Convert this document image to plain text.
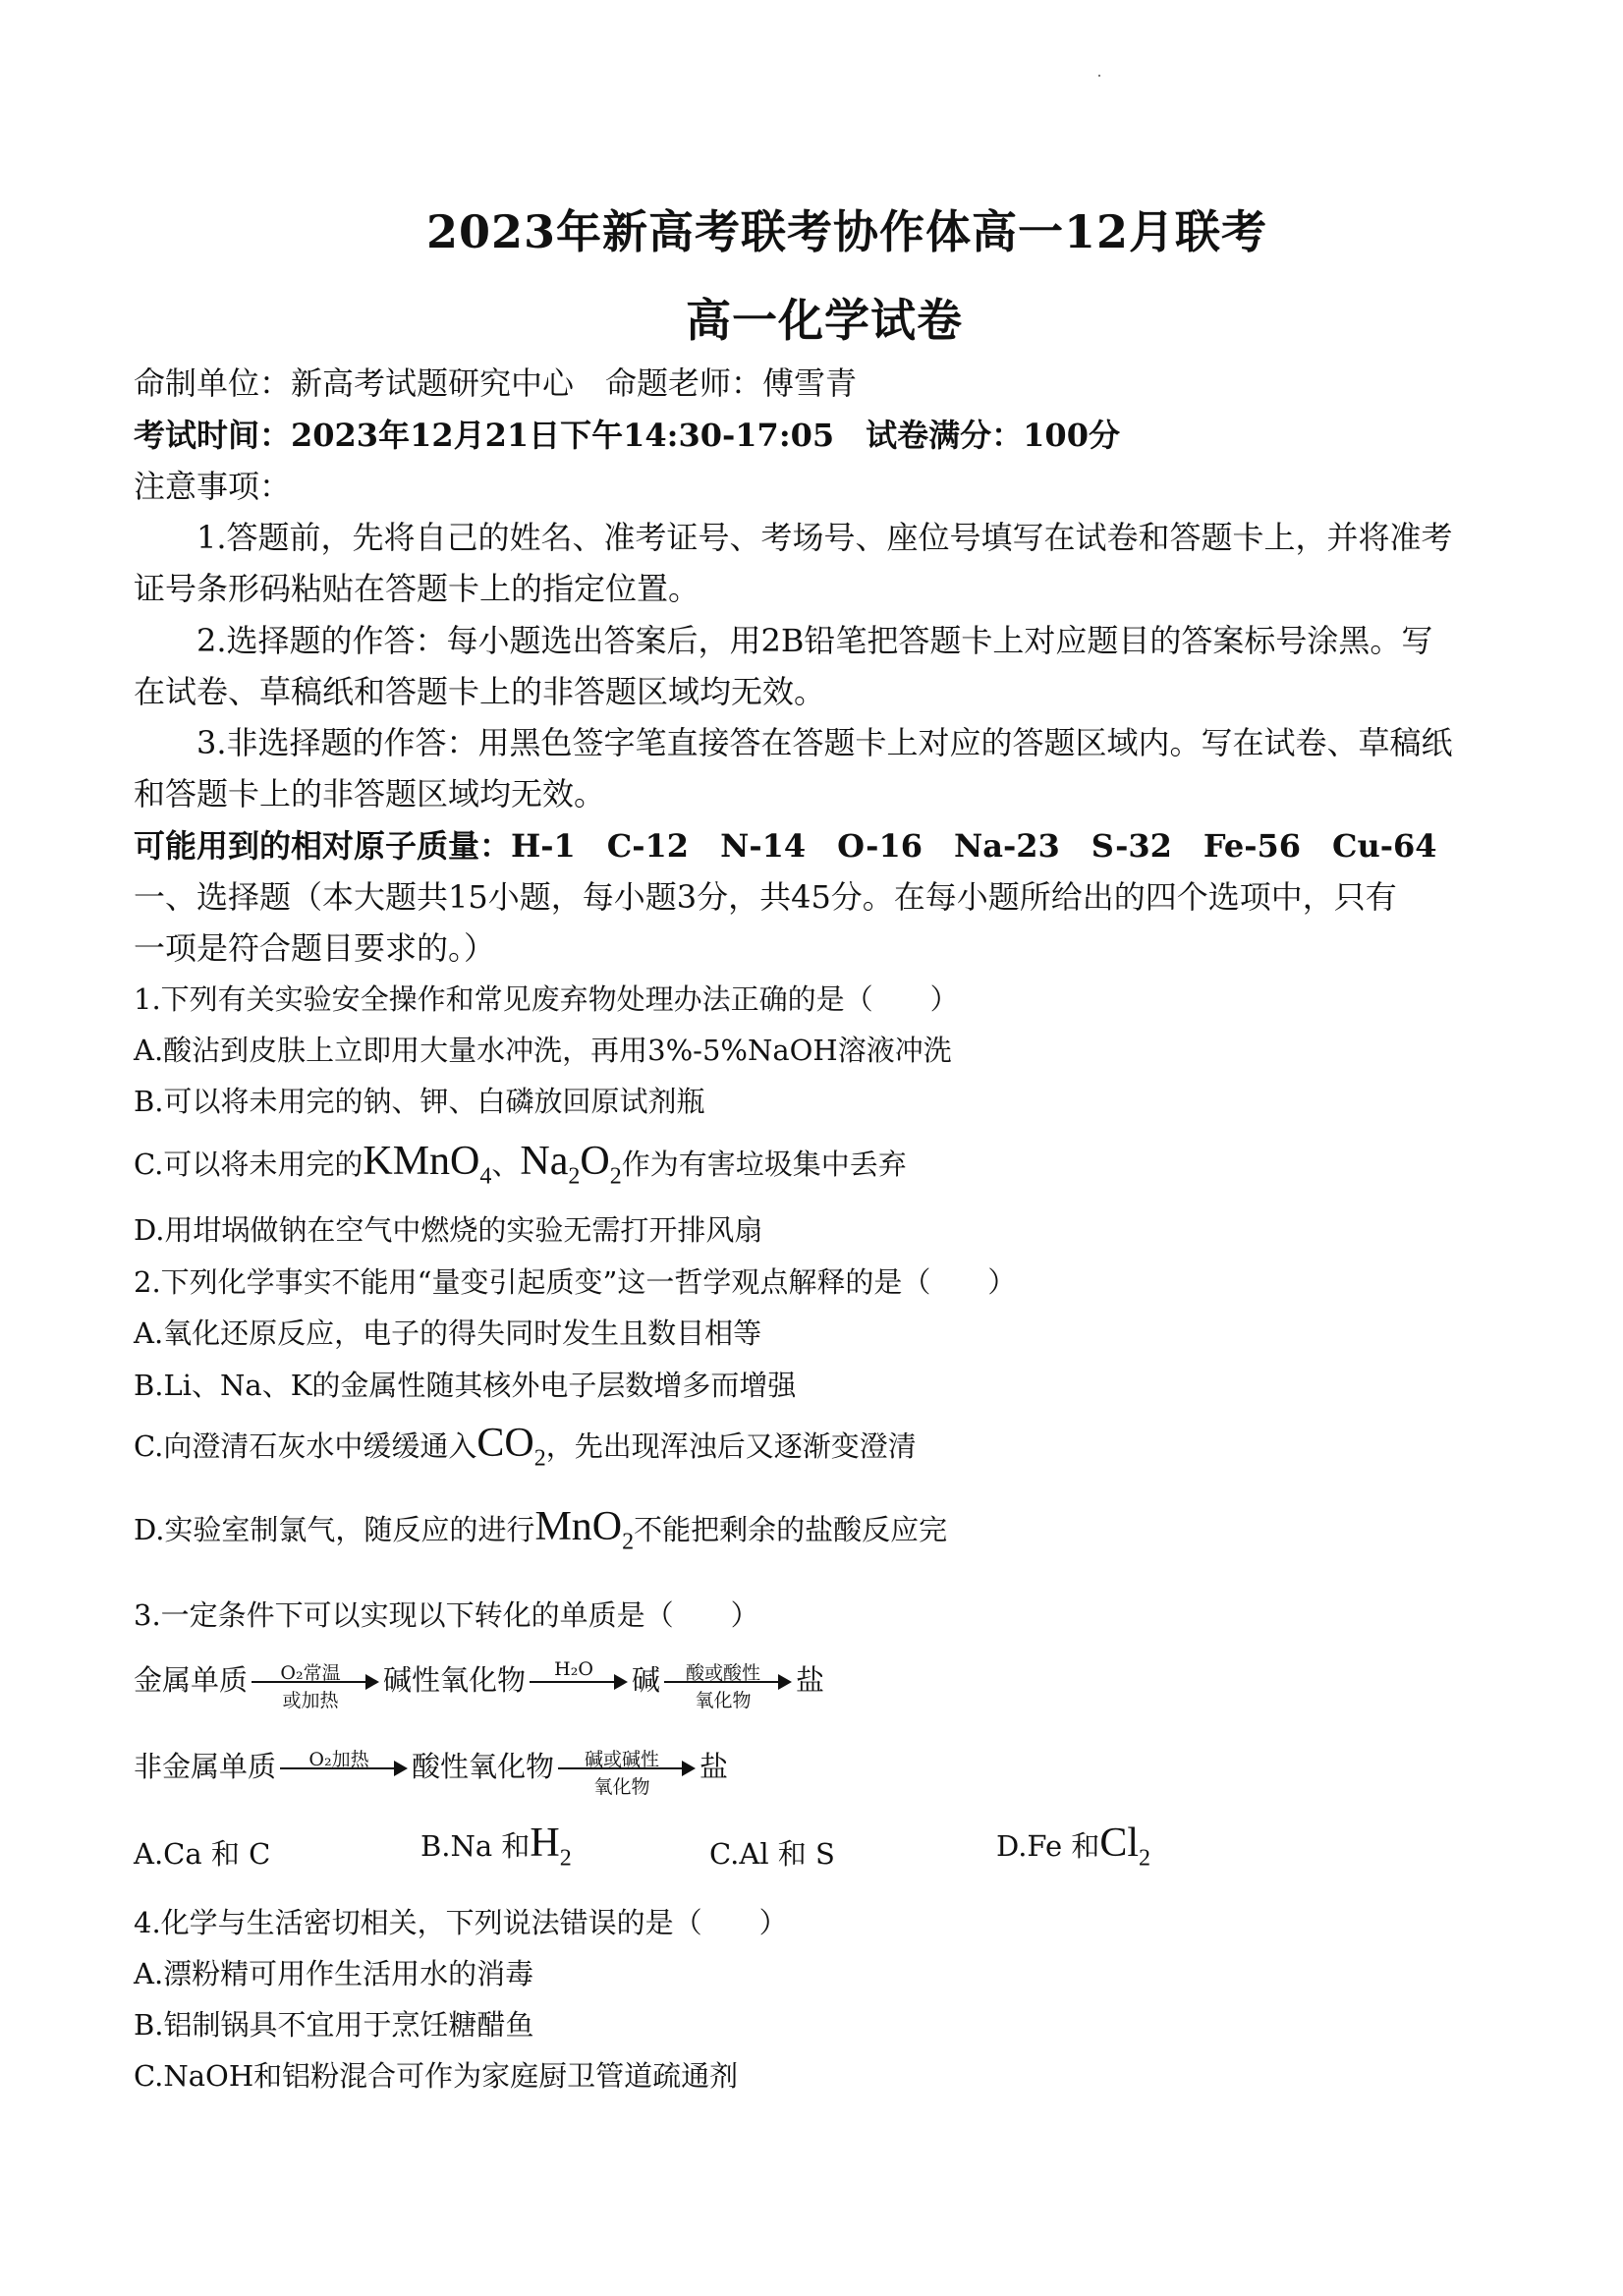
2023年新高考联考协作体高一12月联考
高一化学试卷
命制单位：新高考试题研究中心　命题老师：傅雪青
考试时间：2023年12月21日下午14:30-17:05　试卷满分：100分
注意事项：
1.答题前，先将自己的姓名、准考证号、考场号、座位号填写在试卷和答题卡上，并将准考
证号条形码粘贴在答题卡上的指定位置。
2.选择题的作答：每小题选出答案后，用2B铅笔把答题卡上对应题目的答案标号涂黑。写
在试卷、草稿纸和答题卡上的非答题区域均无效。
3.非选择题的作答：用黑色签字笔直接答在答题卡上对应的答题区域内。写在试卷、草稿纸
和答题卡上的非答题区域均无效。
可能用到的相对原子质量：H-1　C-12　N-14　O-16　Na-23　S-32　Fe-56　Cu-64
一、选择题（本大题共15小题，每小题3分，共45分。在每小题所给出的四个选项中，只有
一项是符合题目要求的。）
1.下列有关实验安全操作和常见废弃物处理办法正确的是（　　）
A.酸沾到皮肤上立即用大量水冲洗，再用3%-5%NaOH溶液冲洗
B.可以将未用完的钠、钾、白磷放回原试剂瓶
C.可以将未用完的KMnO$_4$、$Na_2O_2$作为有害垃圾集中丢弃
D.用坩埚做钠在空气中燃烧的实验无需打开排风扇
2.下列化学事实不能用“量变引起质变”这一哲学观点解释的是（　　）
A.氧化还原反应，电子的得失同时发生且数目相等
B.Li、Na、K的金属性随其核外电子层数增多而增强
C.向澄清石灰水中缓缓通入$CO_2$，先出现浑浊后又逐渐变澄清
D.实验室制氯气，随反应的进行MnO$_2$不能把剩余的盐酸反应完
3.一定条件下可以实现以下转化的单质是（　　）
金属单质	O₂常温
或加热
碱性氧化物	H₂O	碱	酸或酸性
氧化物
盐
非金属单质	O₂加热	酸性氧化物	碱或碱性
氧化物
盐
A.Ca 和 C	B.Na 和$H_2$	C.Al 和 S	D.Fe 和$Cl_2$
4.化学与生活密切相关，下列说法错误的是（　　）
A.漂粉精可用作生活用水的消毒
B.铝制锅具不宜用于烹饪糖醋鱼
C.NaOH和铝粉混合可作为家庭厨卫管道疏通剂
